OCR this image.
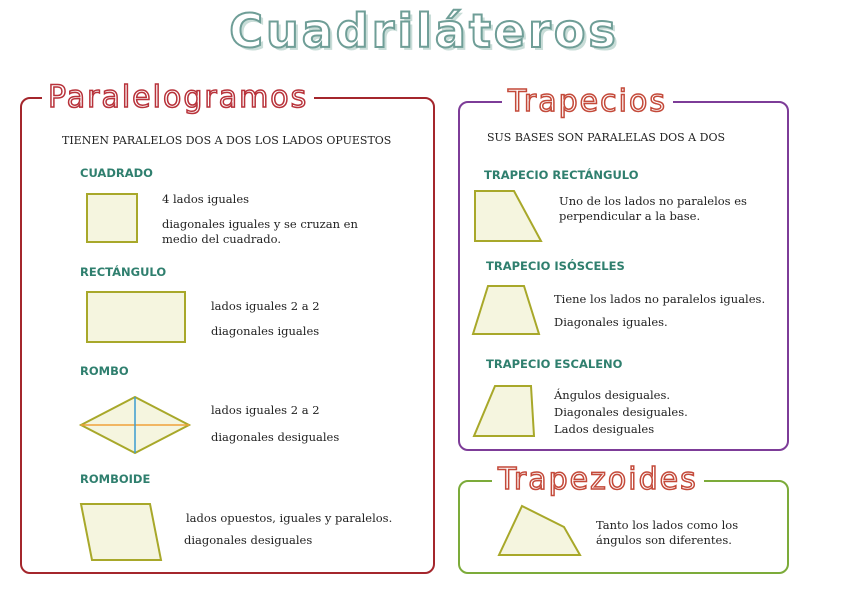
Cuadriláteros
Paralelogramos
TIENEN PARALELOS DOS A DOS LOS LADOS OPUESTOS
CUADRADO
4 lados iguales
diagonales iguales y se cruzan en medio del cuadrado.
RECTÁNGULO
lados iguales 2 a 2
diagonales iguales
ROMBO
lados iguales 2 a 2
diagonales desiguales
ROMBOIDE
lados opuestos, iguales y paralelos.
diagonales desiguales
Trapecios
SUS BASES SON PARALELAS DOS A DOS
TRAPECIO RECTÁNGULO
Uno de los lados no paralelos es perpendicular a la base.
TRAPECIO ISÓSCELES
Tiene los lados no paralelos iguales.
Diagonales iguales.
TRAPECIO ESCALENO
Ángulos desiguales.
Diagonales desiguales.
Lados desiguales
Trapezoides
Tanto los lados como los ángulos son diferentes.
